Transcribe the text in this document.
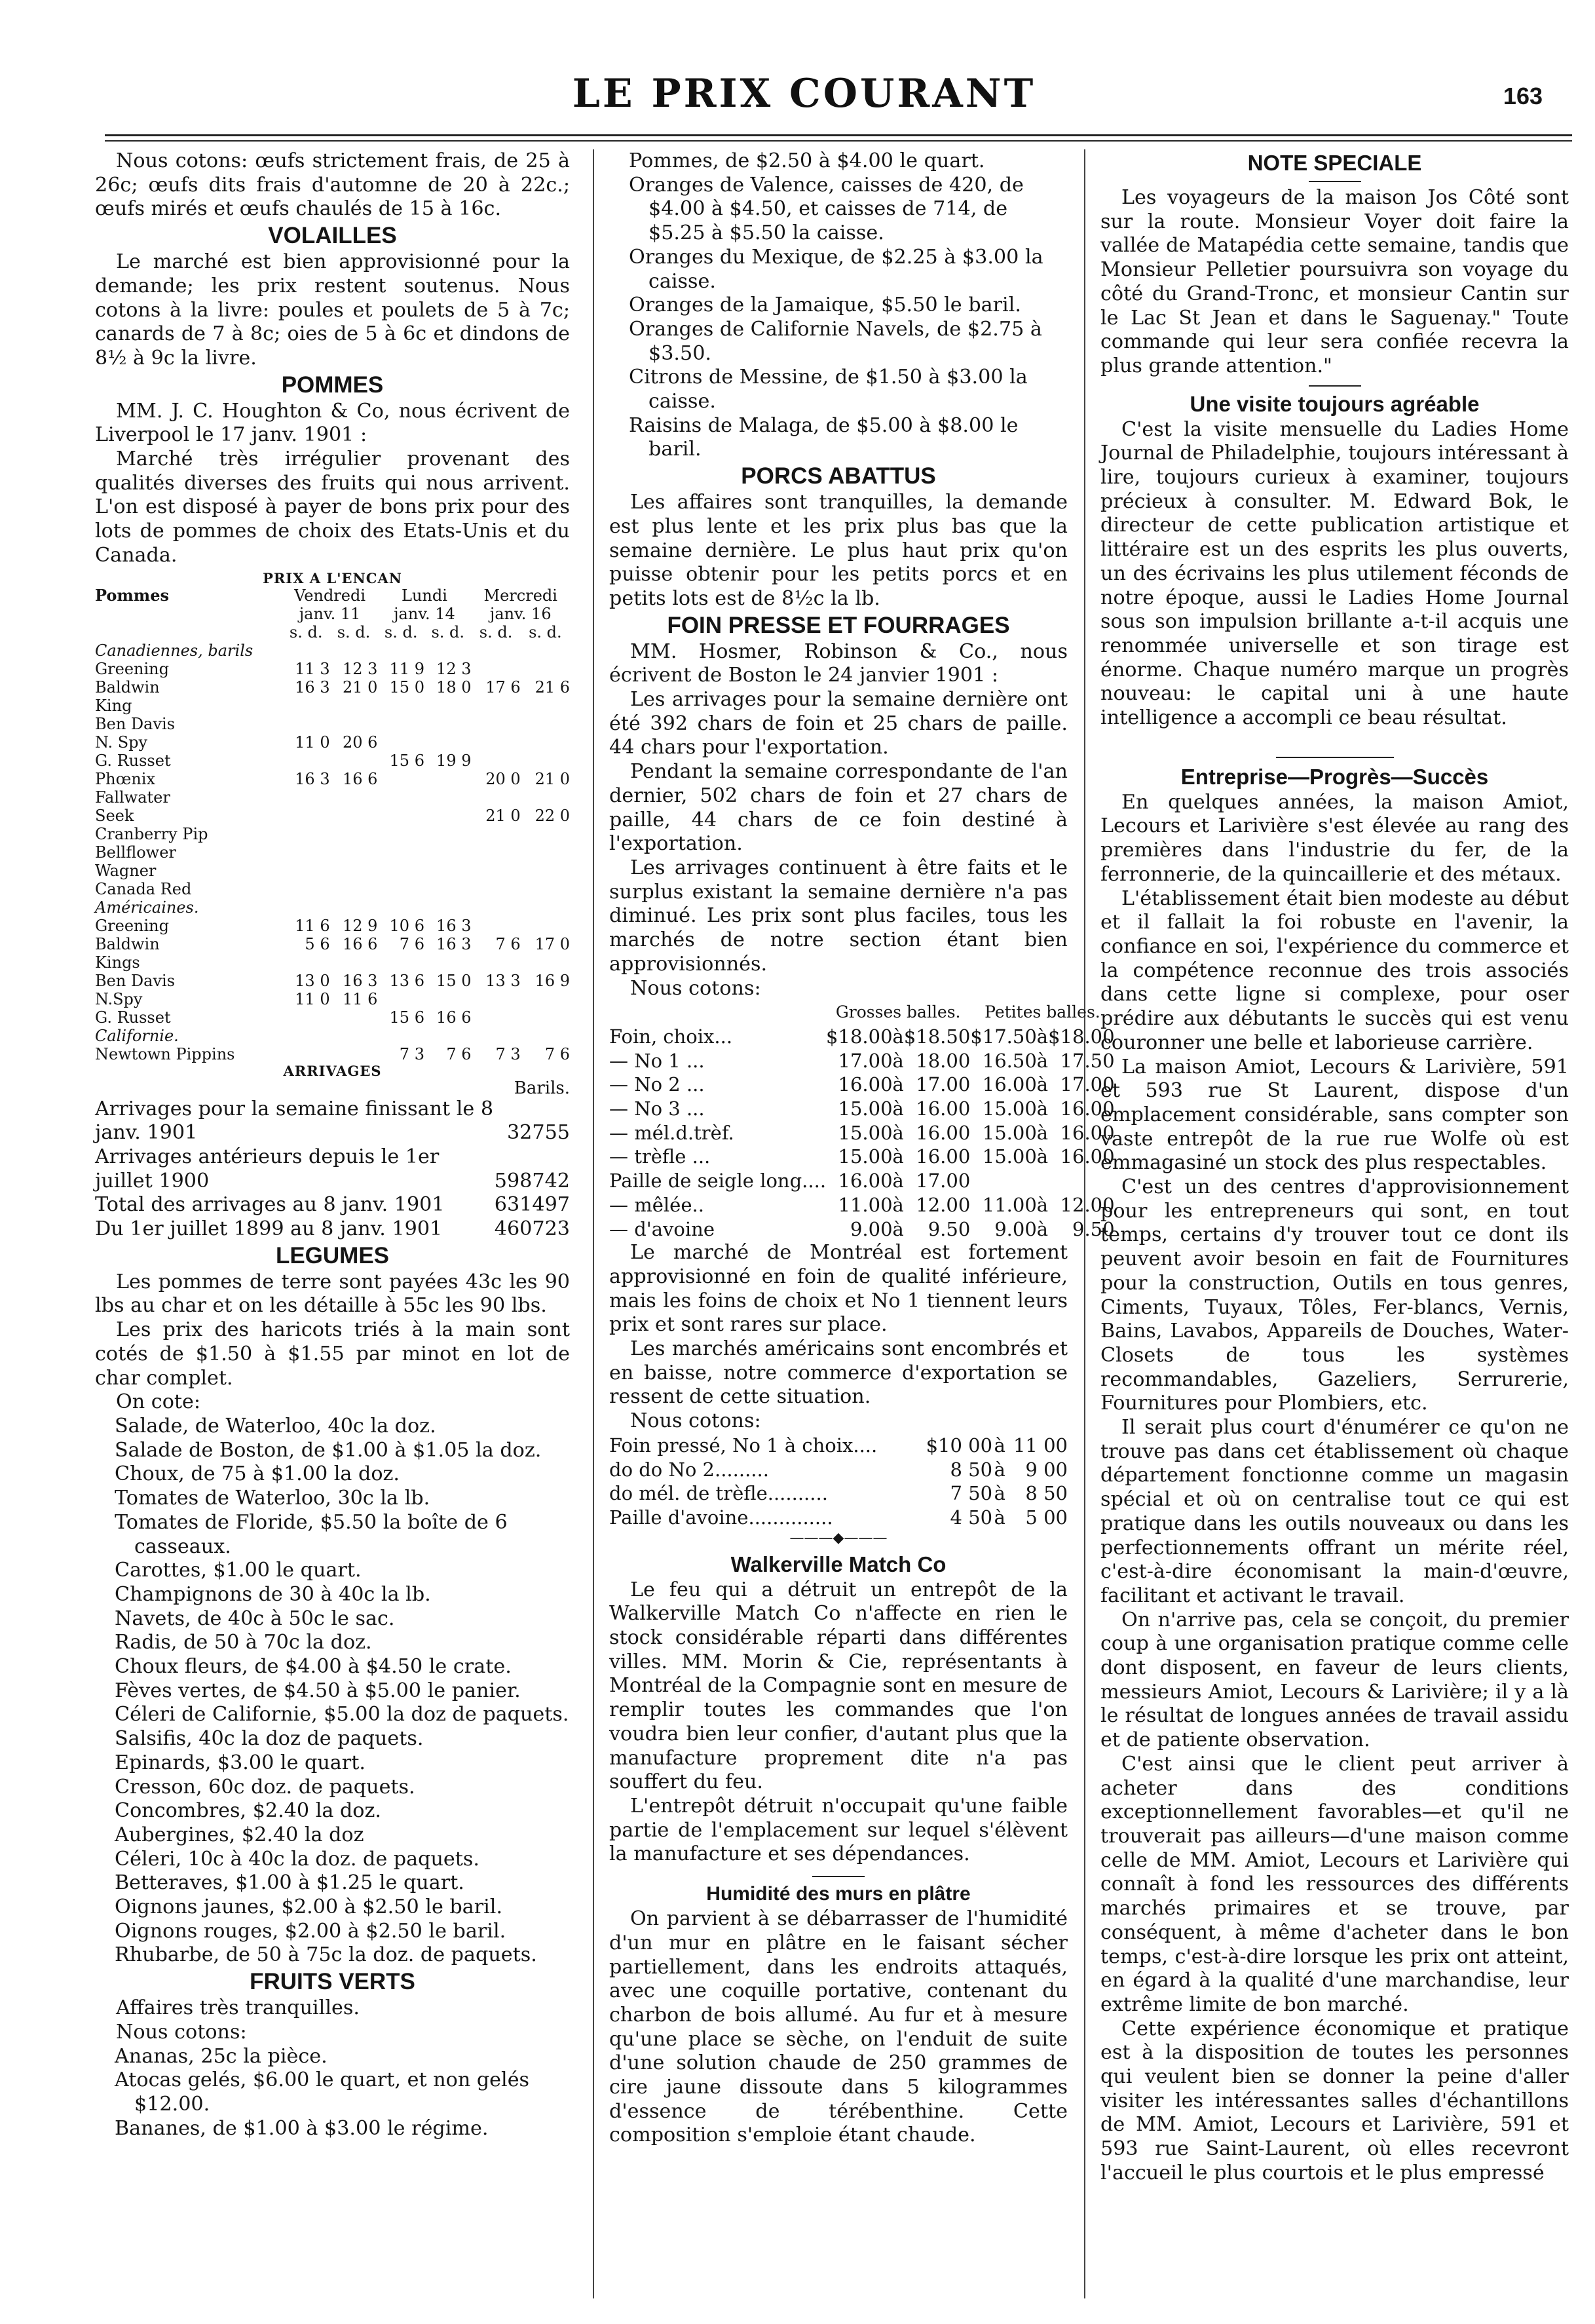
LE PRIX COURANT	163

Nous cotons: œufs strictement frais, de 25 à 26c; œufs dits frais d'automne de 20 à 22c.; œufs mirés et œufs chaulés de 15 à 16c.

VOLAILLES

Le marché est bien approvisionné pour la demande; les prix restent soutenus. Nous cotons à la livre: poules et poulets de 5 à 7c; canards de 7 à 8c; oies de 5 à 6c et dindons de 8½ à 9c la livre.

POMMES

MM. J. C. Houghton & Co, nous écrivent de Liverpool le 17 janv. 1901 :

Marché très irrégulier provenant des qualités diverses des fruits qui nous arrivent. L'on est disposé à payer de bons prix pour des lots de pommes de choix des Etats-Unis et du Canada.

PRIX A L'ENCAN
Pommes	Vendredi		Lundi		Mercredi	
	janv. 11		janv. 14		janv. 16	
	s. d.	s. d.	s. d.	s. d.	s. d.	s. d.
Canadiennes, barils						
Greening	11 3	12 3	11 9	12 3		
Baldwin	16 3	21 0	15 0	18 0	17 6	21 6
King						
Ben Davis						
N. Spy	11 0	20 6				
G. Russet			15 6	19 9		
Phœnix	16 3	16 6			20 0	21 0
Fallwater						
Seek					21 0	22 0
Cranberry Pip						
Bellflower						
Wagner						
Canada Red						
Américaines.						
Greening	11 6	12 9	10 6	16 3		
Baldwin	5 6	16 6	7 6	16 3	7 6	17 0
Kings						
Ben Davis	13 0	16 3	13 6	15 0	13 3	16 9
N.Spy	11 0	11 6				
G. Russet			15 6	16 6		
Californie.						
Newtown Pippins			7 3	7 6	7 3	7 6
ARRIVAGES
Barils.
Arrivages pour la semaine finissant le 8 janv. 1901	32755
Arrivages antérieurs depuis le 1er juillet 1900	598742
Total des arrivages au 8 janv. 1901	631497
Du 1er juillet 1899 au 8 janv. 1901	460723
LEGUMES

Les pommes de terre sont payées 43c les 90 lbs au char et on les détaille à 55c les 90 lbs.

Les prix des haricots triés à la main sont cotés de $1.50 à $1.55 par minot en lot de char complet.

On cote:

Salade, de Waterloo, 40c la doz.

Salade de Boston, de $1.00 à $1.05 la doz.

Choux, de 75 à $1.00 la doz.

Tomates de Waterloo, 30c la lb.

Tomates de Floride, $5.50 la boîte de 6 casseaux.

Carottes, $1.00 le quart.

Champignons de 30 à 40c la lb.

Navets, de 40c à 50c le sac.

Radis, de 50 à 70c la doz.

Choux fleurs, de $4.00 à $4.50 le crate.

Fèves vertes, de $4.50 à $5.00 le panier.

Céleri de Californie, $5.00 la doz de paquets.

Salsifis, 40c la doz de paquets.

Epinards, $3.00 le quart.

Cresson, 60c doz. de paquets.

Concombres, $2.40 la doz.

Aubergines, $2.40 la doz

Céleri, 10c à 40c la doz. de paquets.

Betteraves, $1.00 à $1.25 le quart.

Oignons jaunes, $2.00 à $2.50 le baril.

Oignons rouges, $2.00 à $2.50 le baril.

Rhubarbe, de 50 à 75c la doz. de paquets.

FRUITS VERTS

Affaires très tranquilles.

Nous cotons:

Ananas, 25c la pièce.

Atocas gelés, $6.00 le quart, et non gelés $12.00.

Bananes, de $1.00 à $3.00 le régime.

Pommes, de $2.50 à $4.00 le quart.

Oranges de Valence, caisses de 420, de $4.00 à $4.50, et caisses de 714, de $5.25 à $5.50 la caisse.

Oranges du Mexique, de $2.25 à $3.00 la caisse.

Oranges de la Jamaique, $5.50 le baril.

Oranges de Californie Navels, de $2.75 à $3.50.

Citrons de Messine, de $1.50 à $3.00 la caisse.

Raisins de Malaga, de $5.00 à $8.00 le baril.

PORCS ABATTUS

Les affaires sont tranquilles, la demande est plus lente et les prix plus bas que la semaine dernière. Le plus haut prix qu'on puisse obtenir pour les petits porcs et en petits lots est de 8½c la lb.

FOIN PRESSE ET FOURRAGES

MM. Hosmer, Robinson & Co., nous écrivent de Boston le 24 janvier 1901 :

Les arrivages pour la semaine dernière ont été 392 chars de foin et 25 chars de paille. 44 chars pour l'exportation.

Pendant la semaine correspondante de l'an dernier, 502 chars de foin et 27 chars de paille, 44 chars de ce foin destiné à l'exportation.

Les arrivages continuent à être faits et le surplus existant la semaine dernière n'a pas diminué. Les prix sont plus faciles, tous les marchés de notre section étant bien approvisionnés.

Nous cotons:

	Grosses balles.			Petites balles.		
Foin, choix...	$18.00	à	$18.50	$17.50	à	$18.00
— No 1 ...	17.00	à	18.00	16.50	à	17.50
— No 2 ...	16.00	à	17.00	16.00	à	17.00
— No 3 ...	15.00	à	16.00	15.00	à	16.00
— mél.d.trèf.	15.00	à	16.00	15.00	à	16.00
— trèfle ...	15.00	à	16.00	15.00	à	16.00
Paille de seigle long....	16.00	à	17.00			
— mêlée..	11.00	à	12.00	11.00	à	12.00
— d'avoine	9.00	à	9.50	9.00	à	9.50

Le marché de Montréal est fortement approvisionné en foin de qualité inférieure, mais les foins de choix et No 1 tiennent leurs prix et sont rares sur place.

Les marchés américains sont encombrés et en baisse, notre commerce d'exportation se ressent de cette situation.

Nous cotons:

Foin pressé, No 1 à choix....	$10 00	à	11 00
do do No 2.........	8 50	à	9 00
do mél. de trèfle..........	7 50	à	8 50
Paille d'avoine..............	4 50	à	5 00
———◆———
Walkerville Match Co

Le feu qui a détruit un entrepôt de la Walkerville Match Co n'affecte en rien le stock considérable réparti dans différentes villes. MM. Morin & Cie, représentants à Montréal de la Compagnie sont en mesure de remplir toutes les commandes que l'on voudra bien leur confier, d'autant plus que la manufacture proprement dite n'a pas souffert du feu.

L'entrepôt détruit n'occupait qu'une faible partie de l'emplacement sur lequel s'élèvent la manufacture et ses dépendances.

Humidité des murs en plâtre

On parvient à se débarrasser de l'humidité d'un mur en plâtre en le faisant sécher partiellement, dans les endroits attaqués, avec une coquille portative, contenant du charbon de bois allumé. Au fur et à mesure qu'une place se sèche, on l'enduit de suite d'une solution chaude de 250 grammes de cire jaune dissoute dans 5 kilogrammes d'essence de térébenthine. Cette composition s'emploie étant chaude.

NOTE SPECIALE

Les voyageurs de la maison Jos Côté sont sur la route. Monsieur Voyer doit faire la vallée de Matapédia cette semaine, tandis que Monsieur Pelletier poursuivra son voyage du côté du Grand-Tronc, et monsieur Cantin sur le Lac St Jean et dans le Saguenay." Toute commande qui leur sera confiée recevra la plus grande attention."

Une visite toujours agréable

C'est la visite mensuelle du Ladies Home Journal de Philadelphie, toujours intéressant à lire, toujours curieux à examiner, toujours précieux à consulter. M. Edward Bok, le directeur de cette publication artistique et littéraire est un des esprits les plus ouverts, un des écrivains les plus utilement féconds de notre époque, aussi le Ladies Home Journal sous son impulsion brillante a-t-il acquis une renommée universelle et son tirage est énorme. Chaque numéro marque un progrès nouveau: le capital uni à une haute intelligence a accompli ce beau résultat.

Entreprise—Progrès—Succès

En quelques années, la maison Amiot, Lecours et Larivière s'est élevée au rang des premières dans l'industrie du fer, de la ferronnerie, de la quincaillerie et des métaux.

L'établissement était bien modeste au début et il fallait la foi robuste en l'avenir, la confiance en soi, l'expérience du commerce et la compétence reconnue des trois associés dans cette ligne si complexe, pour oser prédire aux débutants le succès qui est venu couronner une belle et laborieuse carrière.

La maison Amiot, Lecours & Larivière, 591 et 593 rue St Laurent, dispose d'un emplacement considérable, sans compter son vaste entrepôt de la rue rue Wolfe où est emmagasiné un stock des plus respectables.

C'est un des centres d'approvisionnement pour les entrepreneurs qui sont, en tout temps, certains d'y trouver tout ce dont ils peuvent avoir besoin en fait de Fournitures pour la construction, Outils en tous genres, Ciments, Tuyaux, Tôles, Fer-blancs, Vernis, Bains, Lavabos, Appareils de Douches, Water-Closets de tous les systèmes recommandables, Gazeliers, Serrurerie, Fournitures pour Plombiers, etc.

Il serait plus court d'énumérer ce qu'on ne trouve pas dans cet établissement où chaque département fonctionne comme un magasin spécial et où on centralise tout ce qui est pratique dans les outils nouveaux ou dans les perfectionnements offrant un mérite réel, c'est-à-dire économisant la main-d'œuvre, facilitant et activant le travail.

On n'arrive pas, cela se conçoit, du premier coup à une organisation pratique comme celle dont disposent, en faveur de leurs clients, messieurs Amiot, Lecours & Larivière; il y a là le résultat de longues années de travail assidu et de patiente observation.

C'est ainsi que le client peut arriver à acheter dans des conditions exceptionnellement favorables—et qu'il ne trouverait pas ailleurs—d'une maison comme celle de MM. Amiot, Lecours et Larivière qui connaît à fond les ressources des différents marchés primaires et se trouve, par conséquent, à même d'acheter dans le bon temps, c'est-à-dire lorsque les prix ont atteint, en égard à la qualité d'une marchandise, leur extrême limite de bon marché.

Cette expérience économique et pratique est à la disposition de toutes les personnes qui veulent bien se donner la peine d'aller visiter les intéressantes salles d'échantillons de MM. Amiot, Lecours et Larivière, 591 et 593 rue Saint-Laurent, où elles recevront l'accueil le plus courtois et le plus empressé
